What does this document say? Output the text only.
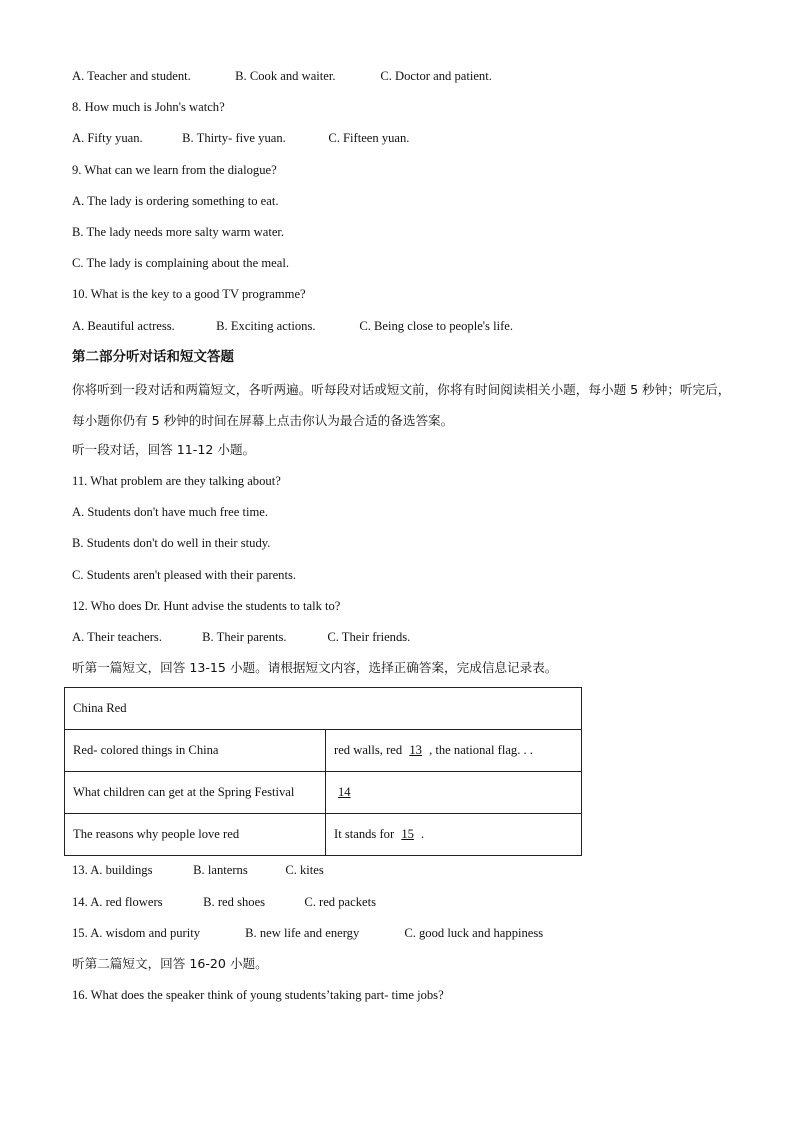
A. Teacher and student.	B. Cook and waiter.	C. Doctor and patient.
8. How much is John's watch?
A. Fifty yuan.	B. Thirty- five yuan.	C. Fifteen yuan.
9. What can we learn from the dialogue?
A. The lady is ordering something to eat.
B. The lady needs more salty warm water.
C. The lady is complaining about the meal.
10. What is the key to a good TV programme?
A. Beautiful actress.	B. Exciting actions.	C. Being close to people's life.
第二部分听对话和短文答题
你将听到一段对话和两篇短文，各听两遍。听每段对话或短文前，你将有时间阅读相关小题，每小题 5 秒钟；听完后，每小题你仍有 5 秒钟的时间在屏幕上点击你认为最合适的备选答案。
听一段对话，回答 11-12 小题。
11. What problem are they talking about?
A. Students don't have much free time.
B. Students don't do well in their study.
C. Students aren't pleased with their parents.
12. Who does Dr. Hunt advise the students to talk to?
A. Their teachers.	B. Their parents.	C. Their friends.
听第一篇短文，回答 13-15 小题。请根据短文内容，选择正确答案，完成信息记录表。
China Red	
Red- colored things in China	red walls, red 13 , the national flag. . .
What children can get at the Spring Festival	14
The reasons why people love red	It stands for 15 .
13. A. buildings	B. lanterns	C. kites
14. A. red flowers	B. red shoes	C. red packets
15. A. wisdom and purity	B. new life and energy	C. good luck and happiness
听第二篇短文，回答 16-20 小题。
16. What does the speaker think of young students’taking part- time jobs?
